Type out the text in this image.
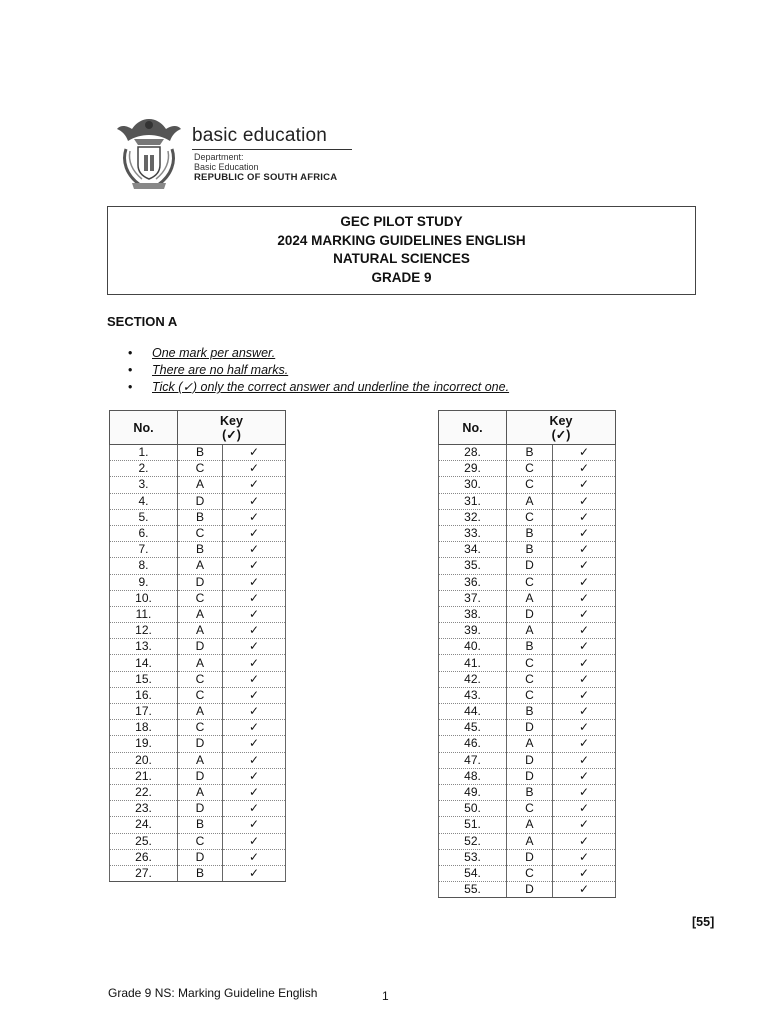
basic education
Department:
Basic Education
REPUBLIC OF SOUTH AFRICA
GEC PILOT STUDY
2024 MARKING GUIDELINES ENGLISH
NATURAL SCIENCES
GRADE 9
SECTION A
• One mark per answer.
• There are no half marks.
• Tick (✓) only the correct answer and underline the incorrect one.
No.	Key
(✓)	

1.	B	✓
2.	C	✓
3.	A	✓
4.	D	✓
5.	B	✓
6.	C	✓
7.	B	✓
8.	A	✓
9.	D	✓
10.	C	✓
11.	A	✓
12.	A	✓
13.	D	✓
14.	A	✓
15.	C	✓
16.	C	✓
17.	A	✓
18.	C	✓
19.	D	✓
20.	A	✓
21.	D	✓
22.	A	✓
23.	D	✓
24.	B	✓
25.	C	✓
26.	D	✓
27.	B	✓
No.	Key
(✓)	

28.	B	✓
29.	C	✓
30.	C	✓
31.	A	✓
32.	C	✓
33.	B	✓
34.	B	✓
35.	D	✓
36.	C	✓
37.	A	✓
38.	D	✓
39.	A	✓
40.	B	✓
41.	C	✓
42.	C	✓
43.	C	✓
44.	B	✓
45.	D	✓
46.	A	✓
47.	D	✓
48.	D	✓
49.	B	✓
50.	C	✓
51.	A	✓
52.	A	✓
53.	D	✓
54.	C	✓
55.	D	✓
[55]
Grade 9 NS: Marking Guideline English	1
